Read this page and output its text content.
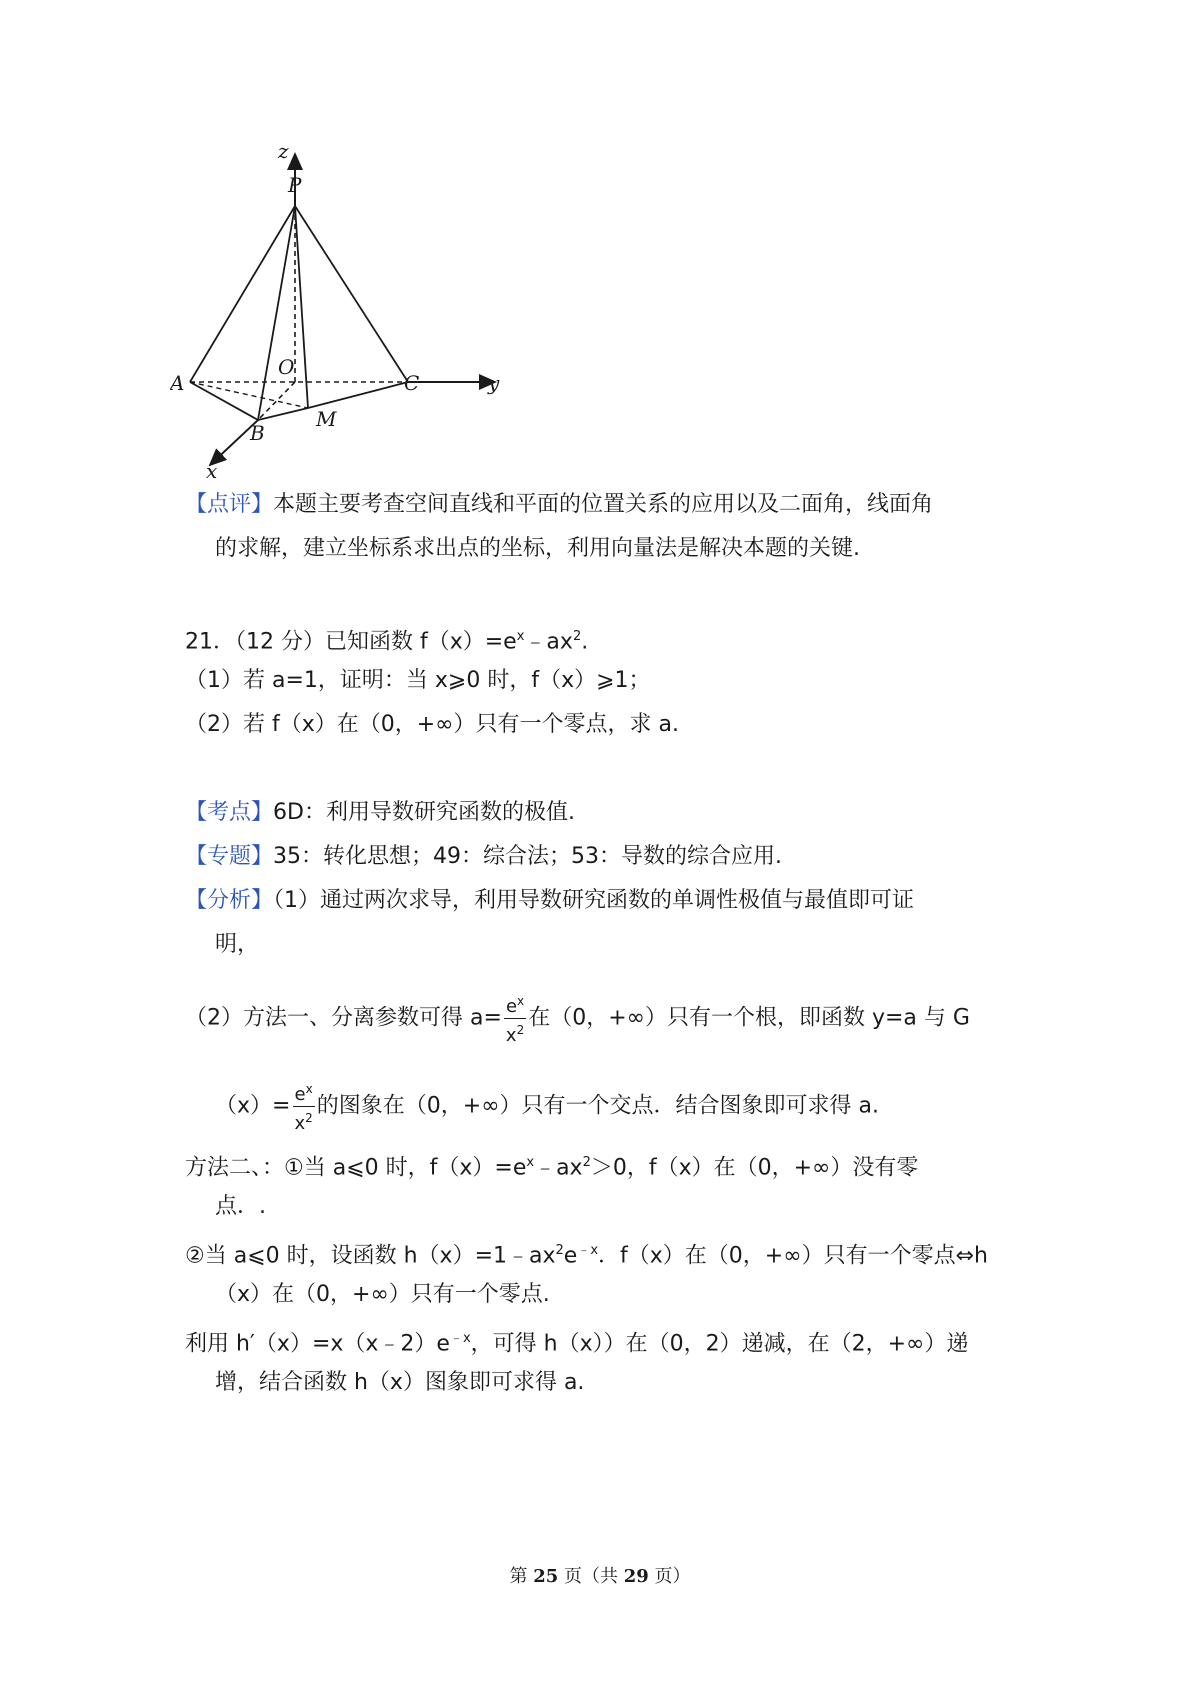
z
P
O
A
B
C
M
x
y
【点评】本题主要考查空间直线和平面的位置关系的应用以及二面角，线面角
的求解，建立坐标系求出点的坐标，利用向量法是解决本题的关键.
21．（12 分）已知函数 $f(x)=e^x﹣ax^2$.
（1）若 a=1，证明：当 x⩾0 时，f（x）⩾1；
（2）若 f（x）在（0，+∞）只有一个零点，求 a.
【考点】6D：利用导数研究函数的极值.
【专题】35：转化思想；49：综合法；53：导数的综合应用.
【分析】（1）通过两次求导，利用导数研究函数的单调性极值与最值即可证
明，
（2）方法一、分离参数可得 $a= \frac{e^x}{x^2}$ 在（0，+∞）只有一个根，即函数 y=a 与 G
$(x)= \frac{e^x}{x^2}$ 的图象在（0，+∞）只有一个交点．结合图象即可求得 a.
方法二、：①当 a⩽0 时，$f(x)=e^x﹣ax^2>0$，f（x）在（0，+∞）没有零
点．.
②当 a⩽0 时，设函数 $h(x)=1﹣ax^2e^{﹣x}$．f（x）在（0，+∞）只有一个零点⇔h
（x）在（0，+∞）只有一个零点.
利用 $h'(x)=x(x﹣2)e^{﹣x}$，可得 h（x））在（0，2）递减，在（2，+∞）递
增，结合函数 h（x）图象即可求得 a.
第 25 页（共 29 页）
